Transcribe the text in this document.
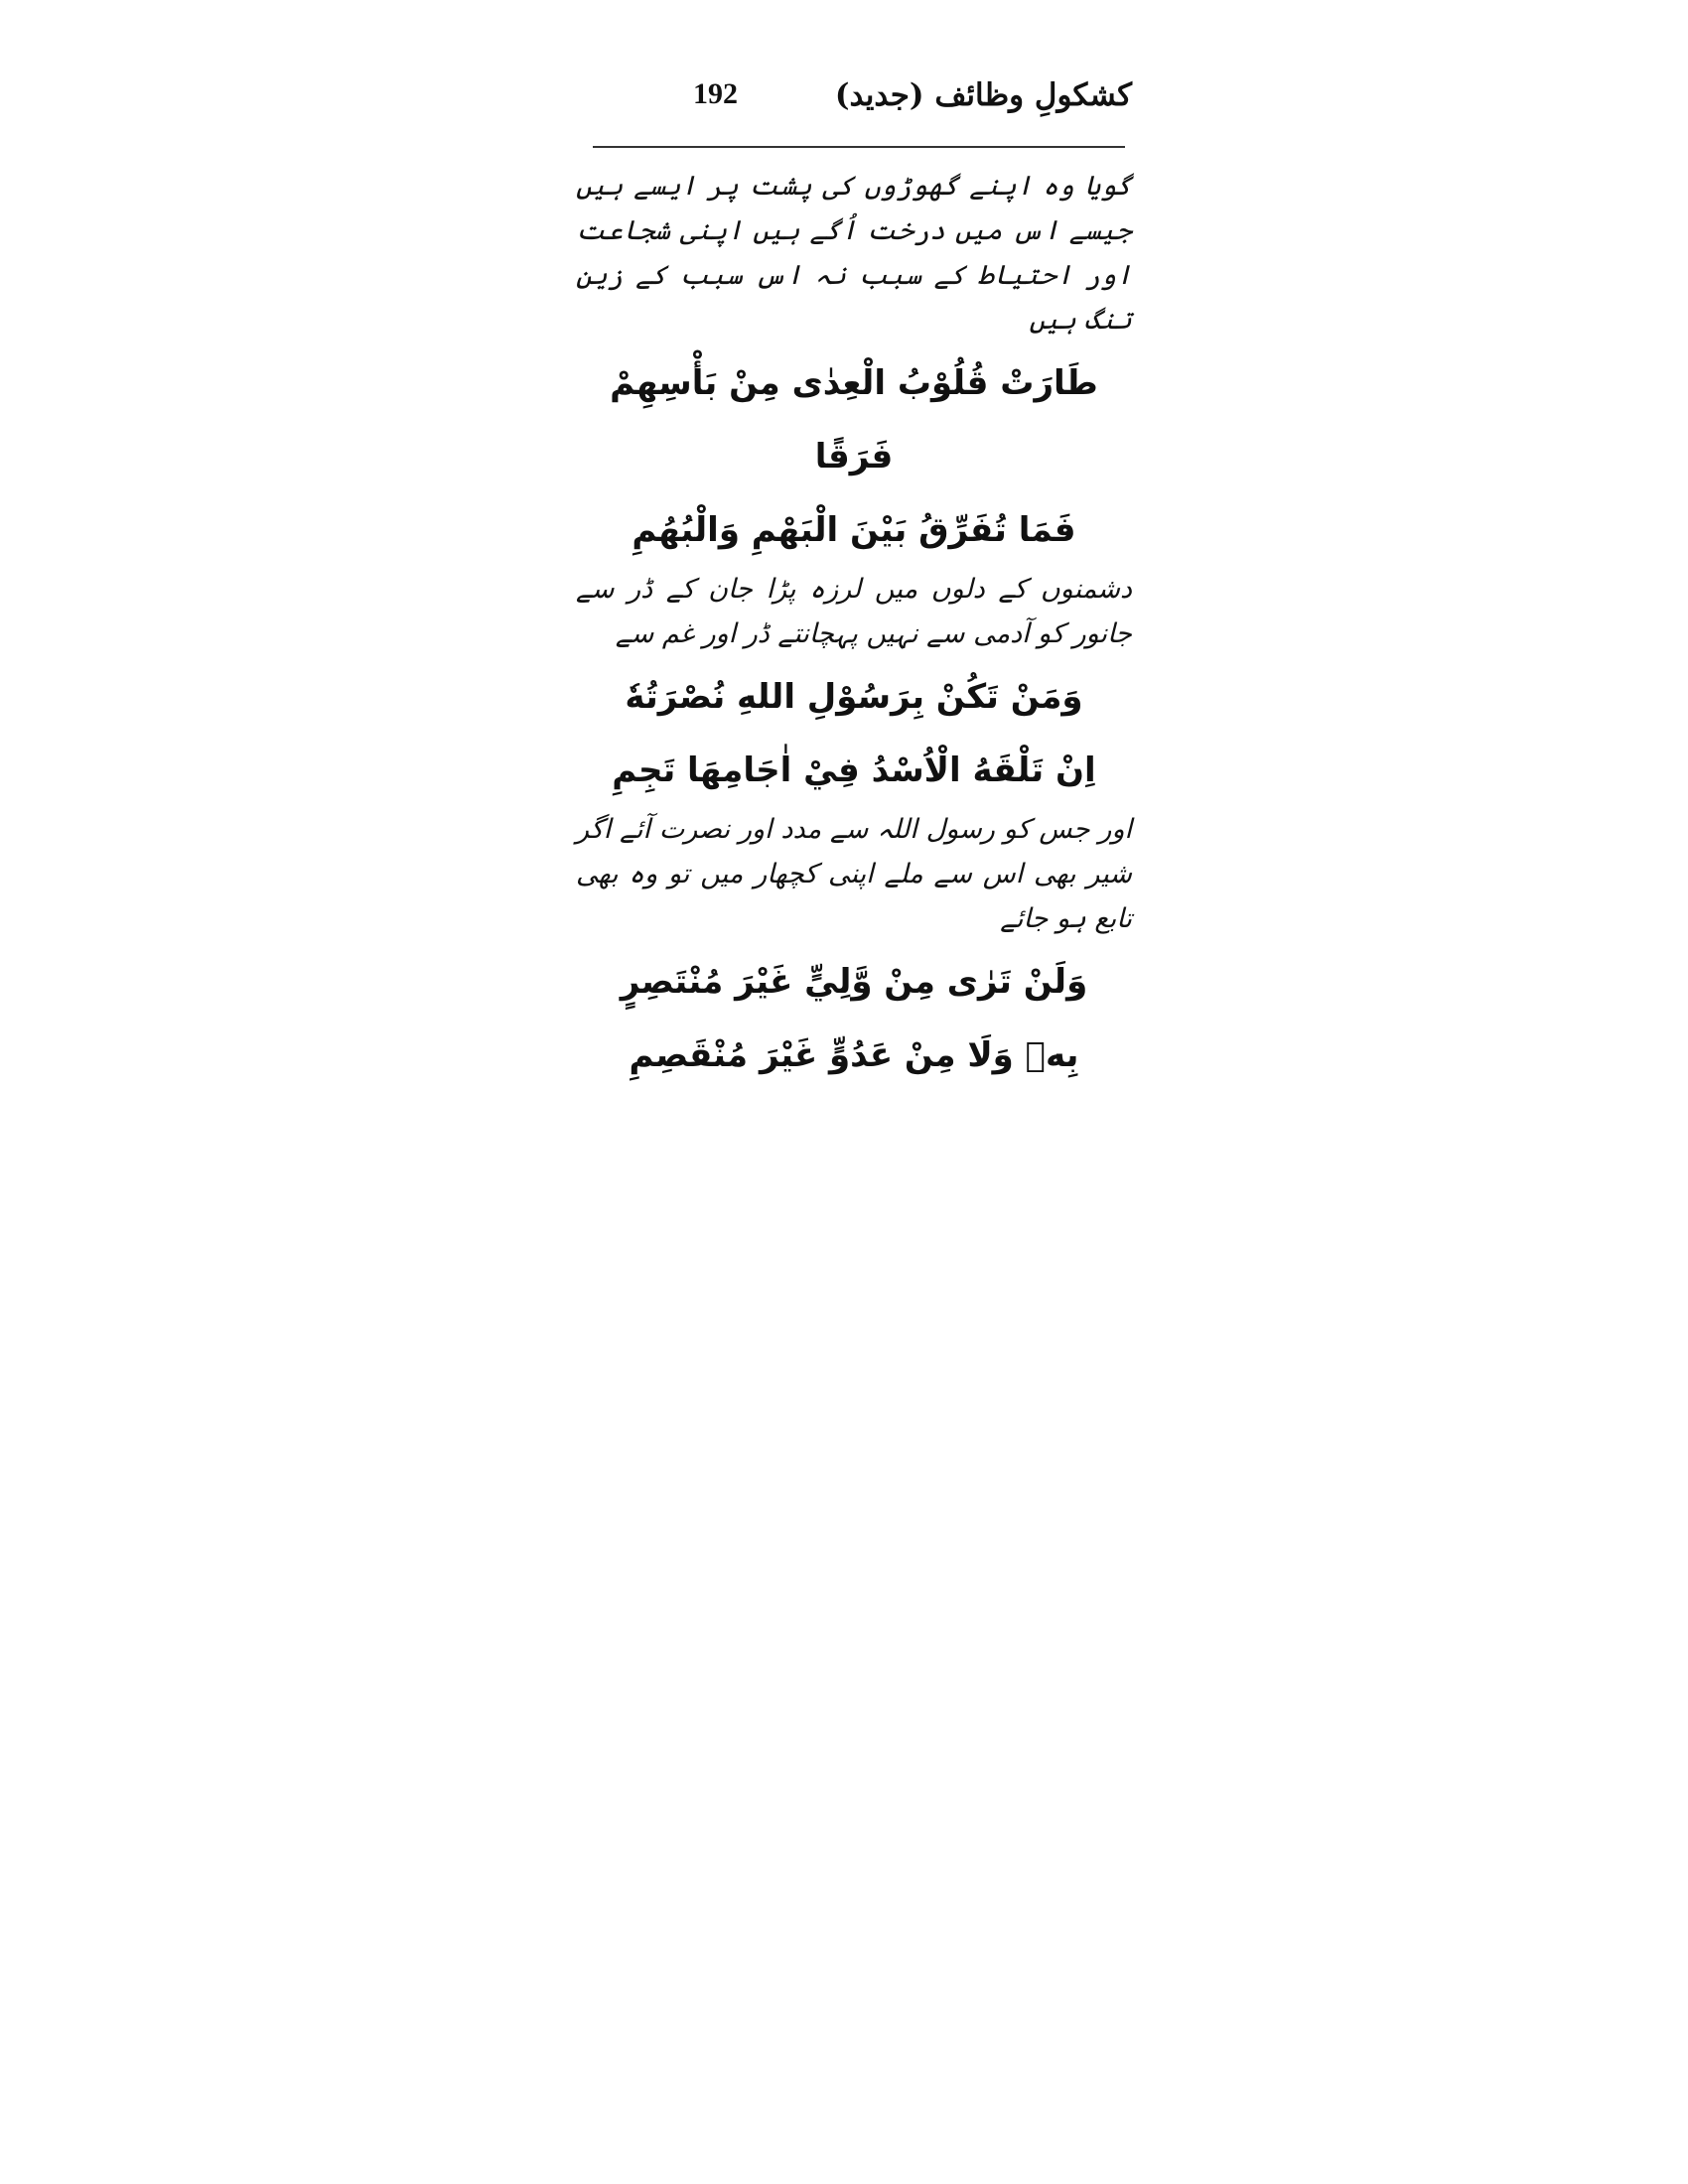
کشکولِ وظائف (جدید)
192

گویا وہ اپنے گھوڑوں کی پشت پر ایسے ہیں جیسے اس میں درخت اُگے ہیں اپنی شجاعت اور احتیاط کے سبب نہ اس سبب کے زین تنگ ہیں

طَارَتْ قُلُوْبُ الْعِدٰى مِنْ بَأْسِهِمْ فَرَقًا

فَمَا تُفَرِّقُ بَيْنَ الْبَهْمِ وَالْبُهُمِ

دشمنوں کے دلوں میں لرزہ پڑا جان کے ڈر سے جانور کو آدمی سے نہیں پہچانتے ڈر اور غم سے

وَمَنْ تَكُنْ بِرَسُوْلِ اللهِ نُصْرَتُهٗ

اِنْ تَلْقَهُ الْاُسْدُ فِيْ اٰجَامِهَا تَجِمِ

اور جس کو رسول اللہ سے مدد اور نصرت آئے اگر شیر بھی اس سے ملے اپنی کچھار میں تو وہ بھی تابع ہو جائے

وَلَنْ تَرٰى مِنْ وَّلِيٍّ غَيْرَ مُنْتَصِرٍ

بِهٖ وَلَا مِنْ عَدُوٍّ غَيْرَ مُنْقَصِمِ
